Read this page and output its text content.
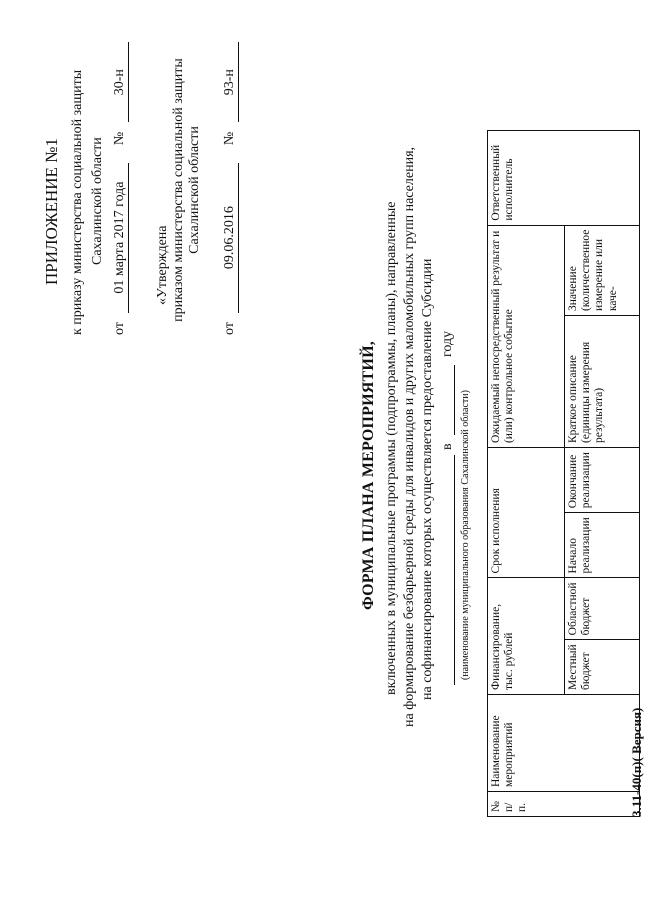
ПРИЛОЖЕНИЕ №1 к приказу министерства социальной защиты Сахалинской области
от 01 марта 2017 года № 30-н
«Утверждена приказом министерства социальной защиты Сахалинской области
от 09.06.2016 № 93-н
ФОРМА ПЛАНА МЕРОПРИЯТИЙ, включенных в муниципальные программы (подпрограммы, планы), направленные на формирование безбарьерной среды для инвалидов и других маломобильных групп населения, на софинансирование которых осуществляется предоставление Субсидии в
году
(наименование муниципального образования Сахалинской области)
№ п/ п.	Наименование мероприятий	Финансирование, тыс. рублей		Срок исполнения		Ожидаемый непосредственный результат и (или) контрольное событие		Ответственный исполнитель
		Местный бюджет	Областной бюджет	Начало реализации	Окончание реализации	Краткое описание (единицы измерения результата)	Значение (количественное измерение или каче-	
3.11-40(п)( Версия)
